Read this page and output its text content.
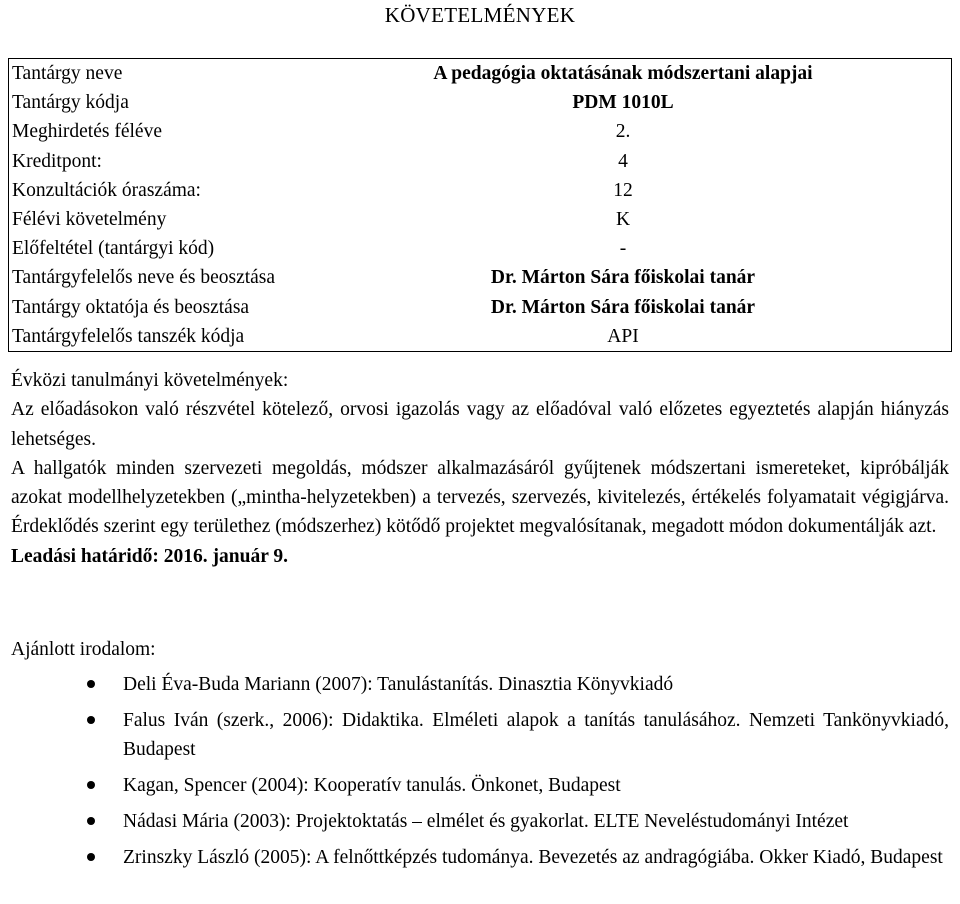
KÖVETELMÉNYEK
Tantárgy neve	A pedagógia oktatásának módszertani alapjai
Tantárgy kódja	PDM 1010L
Meghirdetés féléve	2.
Kreditpont:	4
Konzultációk óraszáma:	12
Félévi követelmény	K
Előfeltétel (tantárgyi kód)	-
Tantárgyfelelős neve és beosztása	Dr. Márton Sára főiskolai tanár
Tantárgy oktatója és beosztása	Dr. Márton Sára főiskolai tanár
Tantárgyfelelős tanszék kódja	API

Évközi tanulmányi követelmények:

Az előadásokon való részvétel kötelező, orvosi igazolás vagy az előadóval való előzetes egyeztetés alapján hiányzás lehetséges.

A hallgatók minden szervezeti megoldás, módszer alkalmazásáról gyűjtenek módszertani ismereteket, kipróbálják azokat modellhelyzetekben („mintha-helyzetekben) a tervezés, szervezés, kivitelezés, értékelés folyamatait végigjárva. Érdeklődés szerint egy területhez (módszerhez) kötődő projektet megvalósítanak, megadott módon dokumentálják azt.

Leadási határidő: 2016. január 9.

Ajánlott irodalom:

Deli Éva-Buda Mariann (2007): Tanulástanítás. Dinasztia Könyvkiadó
Falus Iván (szerk., 2006): Didaktika. Elméleti alapok a tanítás tanulásához. Nemzeti Tankönyvkiadó, Budapest
Kagan, Spencer (2004): Kooperatív tanulás. Önkonet, Budapest
Nádasi Mária (2003): Projektoktatás – elmélet és gyakorlat. ELTE Neveléstudományi Intézet
Zrinszky László (2005): A felnőttképzés tudománya. Bevezetés az andragógiába. Okker Kiadó, Budapest
